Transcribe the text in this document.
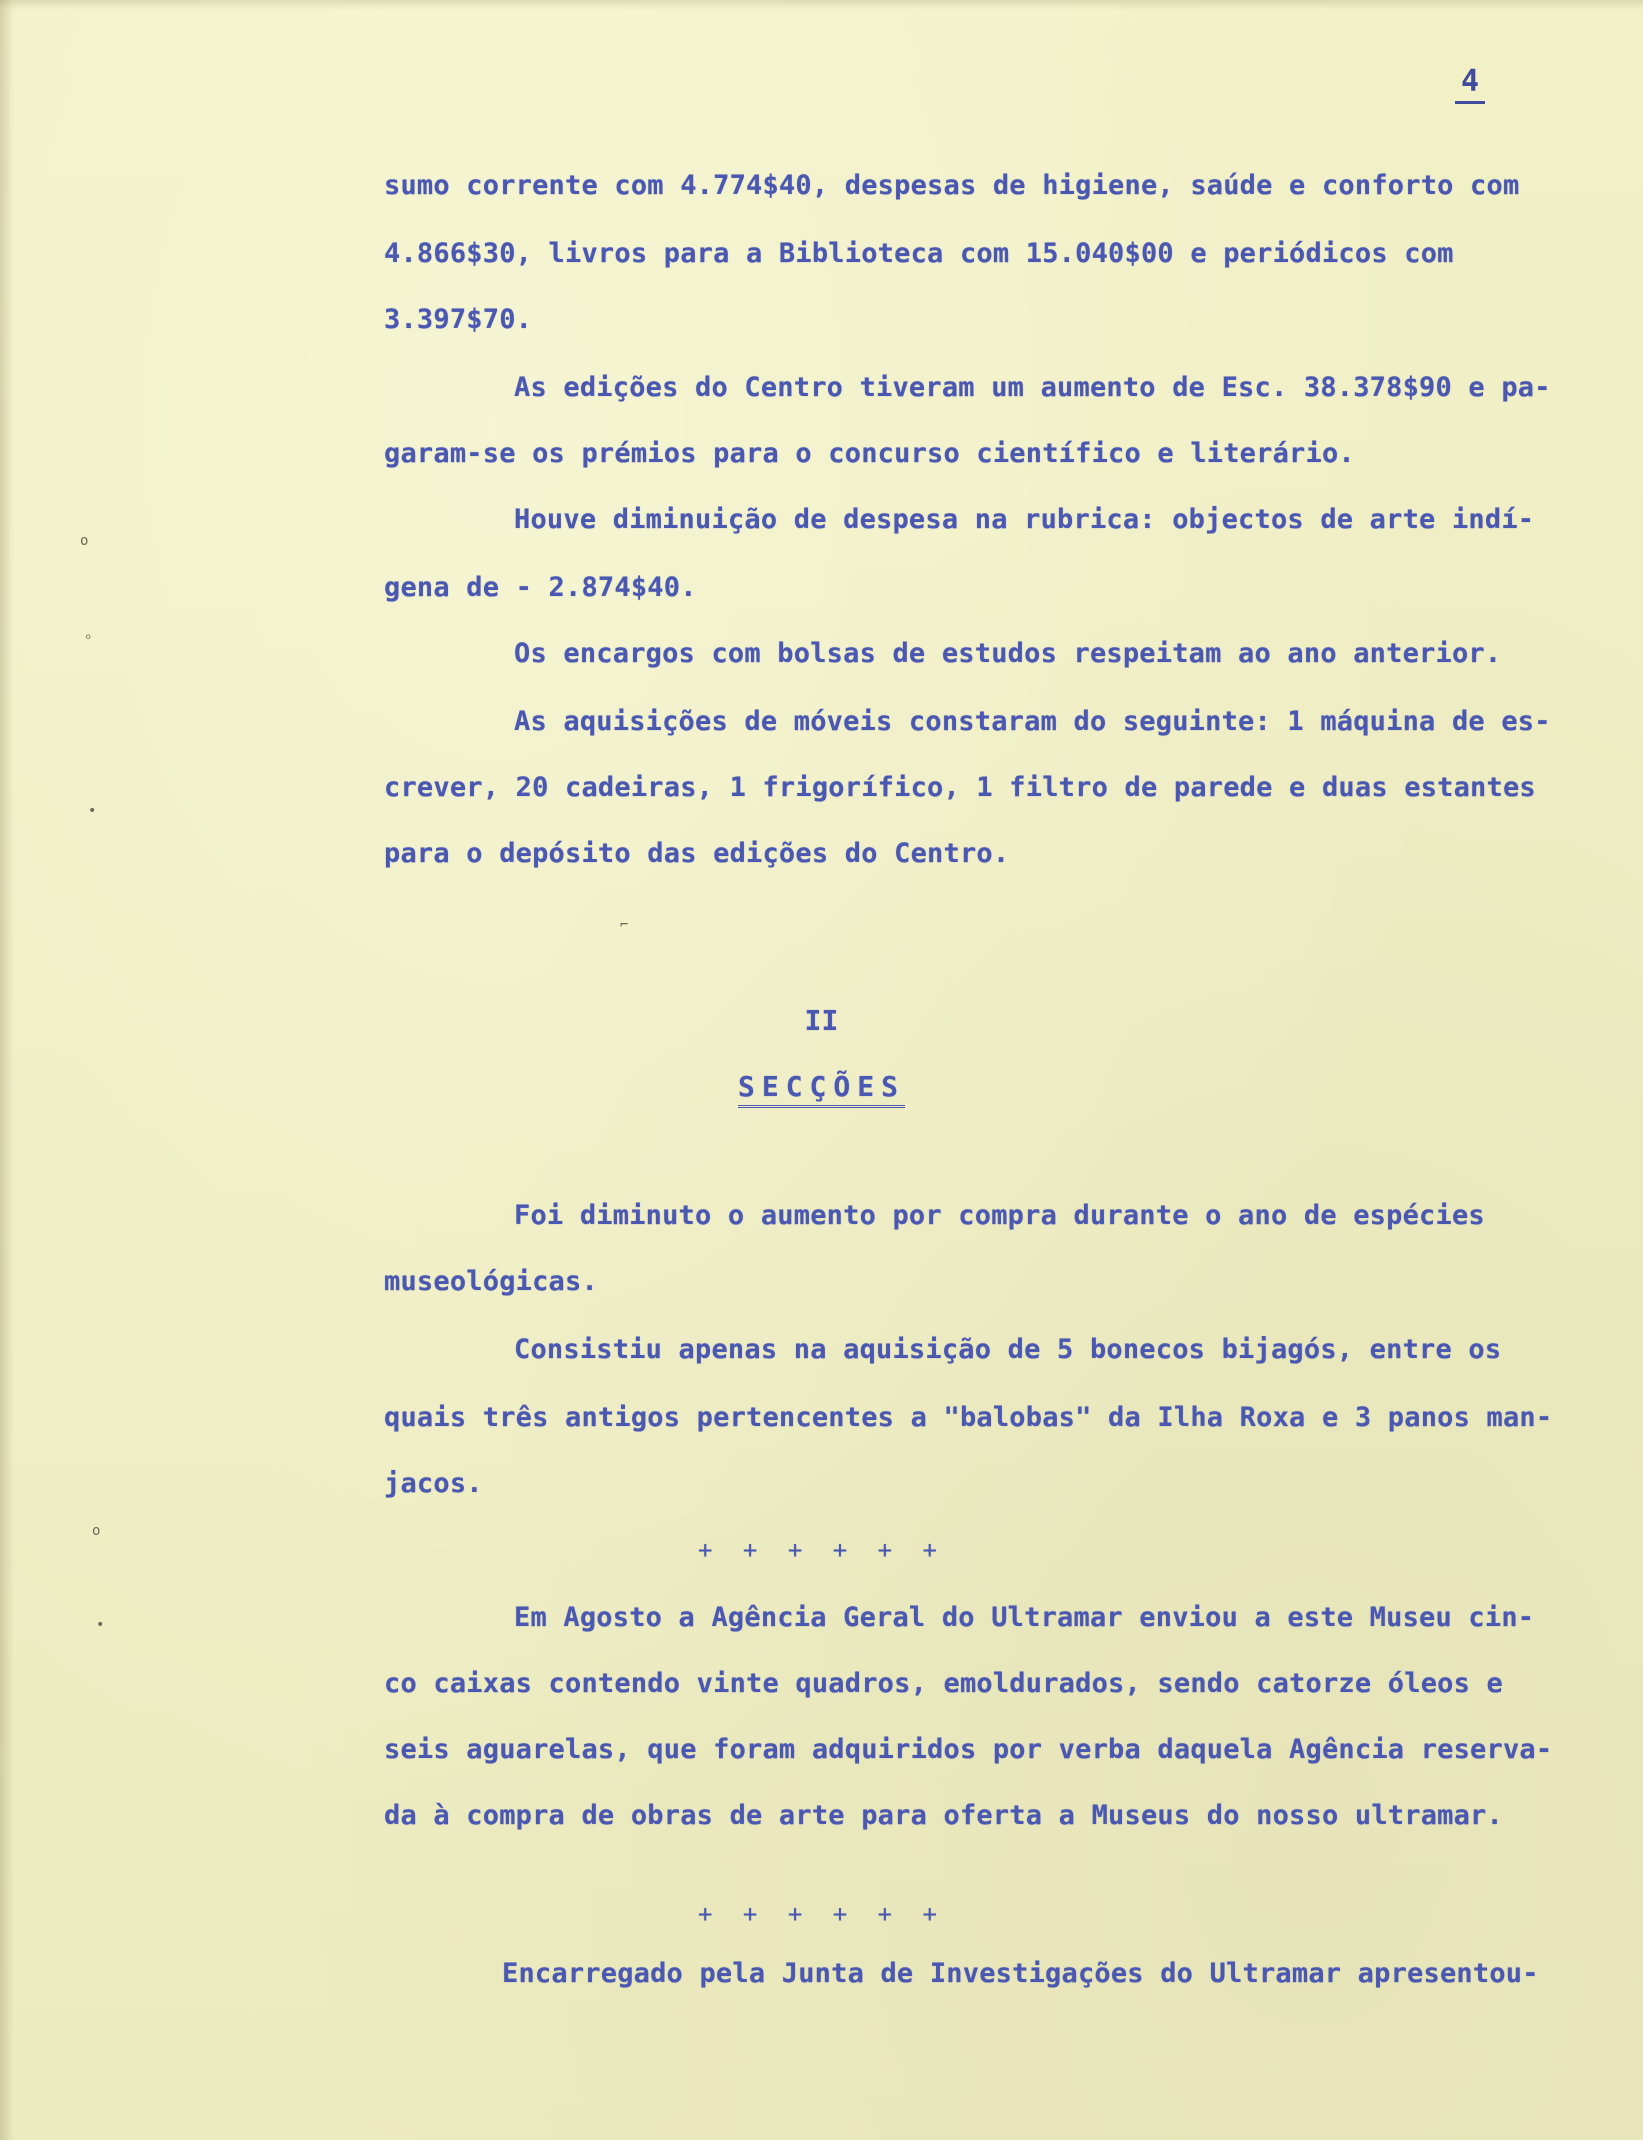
o
ₒ
•
o
•
⌐
4

sumo corrente com 4.774$40, despesas de higiene, saúde e conforto com

4.866$30, livros para a Biblioteca com 15.040$00 e periódicos com

3.397$70.

As edições do Centro tiveram um aumento de Esc. 38.378$90 e pa-

garam-se os prémios para o concurso científico e literário.

Houve diminuição de despesa na rubrica: objectos de arte indí-

gena de - 2.874$40.

Os encargos com bolsas de estudos respeitam ao ano anterior.

As aquisições de móveis constaram do seguinte: 1 máquina de es-

crever, 20 cadeiras, 1 frigorífico, 1 filtro de parede e duas estantes

para o depósito das edições do Centro.

II

SECÇÕES

Foi diminuto o aumento por compra durante o ano de espécies

museológicas.

Consistiu apenas na aquisição de 5 bonecos bijagós, entre os

quais três antigos pertencentes a "balobas" da Ilha Roxa e 3 panos man-

jacos.

+ + + + + +

Em Agosto a Agência Geral do Ultramar enviou a este Museu cin-

co caixas contendo vinte quadros, emoldurados, sendo catorze óleos e

seis aguarelas, que foram adquiridos por verba daquela Agência reserva-

da à compra de obras de arte para oferta a Museus do nosso ultramar.

+ + + + + +

Encarregado pela Junta de Investigações do Ultramar apresentou-
